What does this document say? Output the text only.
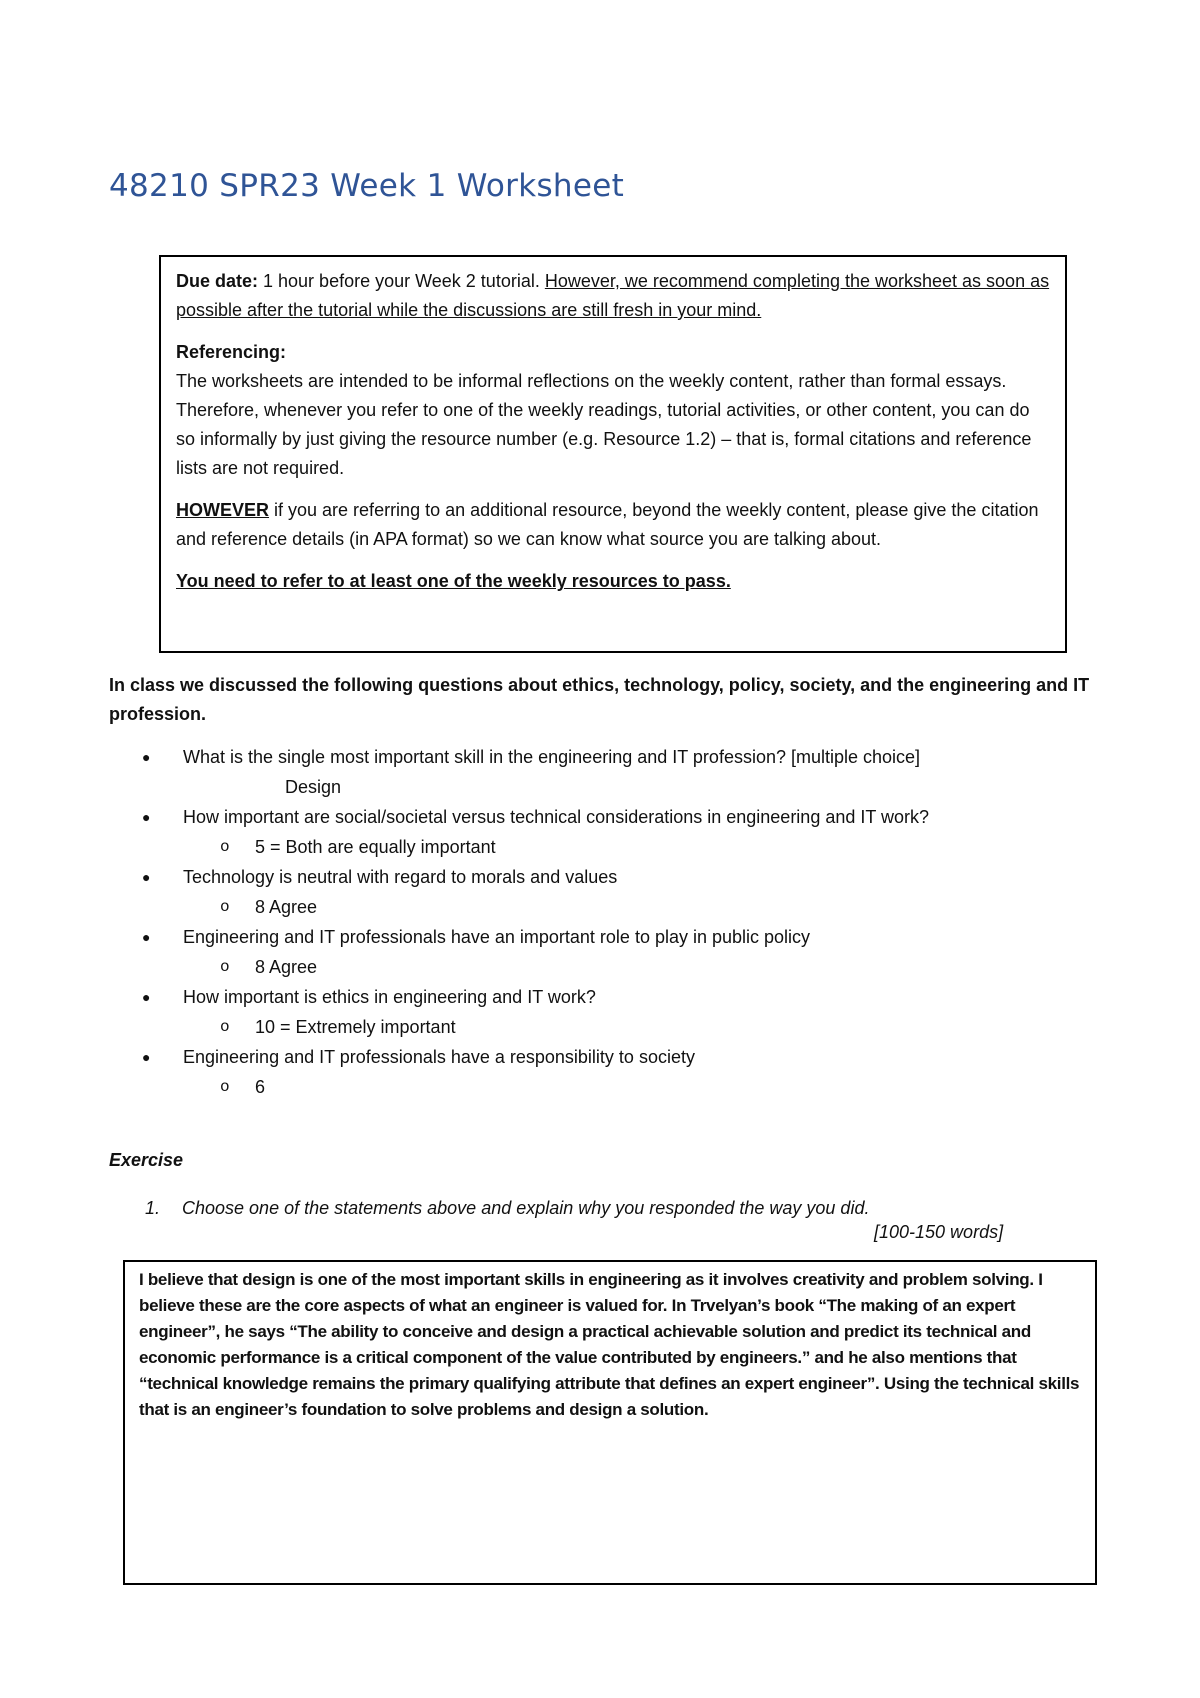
48210 SPR23 Week 1 Worksheet

Due date: 1 hour before your Week 2 tutorial. However, we recommend completing the worksheet as soon as possible after the tutorial while the discussions are still fresh in your mind.

Referencing:
The worksheets are intended to be informal reflections on the weekly content, rather than formal essays. Therefore, whenever you refer to one of the weekly readings, tutorial activities, or other content, you can do so informally by just giving the resource number (e.g. Resource 1.2) – that is, formal citations and reference lists are not required.

HOWEVER if you are referring to an additional resource, beyond the weekly content, please give the citation and reference details (in APA format) so we can know what source you are talking about.

You need to refer to at least one of the weekly resources to pass.

In class we discussed the following questions about ethics, technology, policy, society, and the engineering and IT profession.

● What is the single most important skill in the engineering and IT profession? [multiple choice]
Design
● How important are social/societal versus technical considerations in engineering and IT work?
o 5 = Both are equally important
● Technology is neutral with regard to morals and values
o 8 Agree
● Engineering and IT professionals have an important role to play in public policy
o 8 Agree
● How important is ethics in engineering and IT work?
o 10 = Extremely important
● Engineering and IT professionals have a responsibility to society
o 6

Exercise

1. Choose one of the statements above and explain why you responded the way you did.

[100-150 words]

I believe that design is one of the most important skills in engineering as it involves creativity and problem solving. I believe these are the core aspects of what an engineer is valued for. In Trvelyan’s book “The making of an expert engineer”, he says “The ability to conceive and design a practical achievable solution and predict its technical and economic performance is a critical component of the value contributed by engineers.” and he also mentions that “technical knowledge remains the primary qualifying attribute that defines an expert engineer”. Using the technical skills that is an engineer’s foundation to solve problems and design a solution.
